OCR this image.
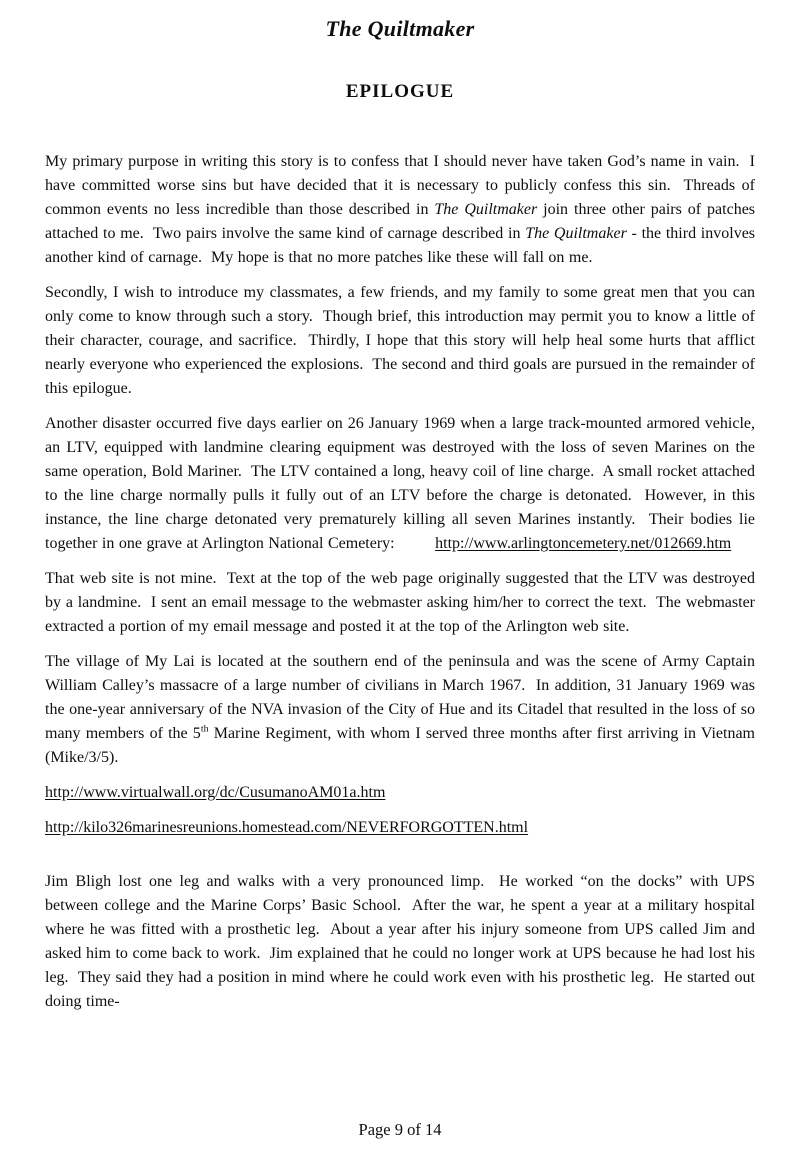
The Quiltmaker
EPILOGUE

My primary purpose in writing this story is to confess that I should never have taken God’s name in vain.  I have committed worse sins but have decided that it is necessary to publicly confess this sin.  Threads of common events no less incredible than those described in The Quiltmaker join three other pairs of patches attached to me.  Two pairs involve the same kind of carnage described in The Quiltmaker - the third involves another kind of carnage.  My hope is that no more patches like these will fall on me.

Secondly, I wish to introduce my classmates, a few friends, and my family to some great men that you can only come to know through such a story.  Though brief, this introduction may permit you to know a little of their character, courage, and sacrifice.  Thirdly, I hope that this story will help heal some hurts that afflict nearly everyone who experienced the explosions.  The second and third goals are pursued in the remainder of this epilogue.

Another disaster occurred five days earlier on 26 January 1969 when a large track-mounted armored vehicle, an LTV, equipped with landmine clearing equipment was destroyed with the loss of seven Marines on the same operation, Bold Mariner.  The LTV contained a long, heavy coil of line charge.  A small rocket attached to the line charge normally pulls it fully out of an LTV before the charge is detonated.  However, in this instance, the line charge detonated very prematurely killing all seven Marines instantly.  Their bodies lie together in one grave at Arlington National Cemetery:         http://www.arlingtoncemetery.net/012669.htm

That web site is not mine.  Text at the top of the web page originally suggested that the LTV was destroyed by a landmine.  I sent an email message to the webmaster asking him/her to correct the text.  The webmaster extracted a portion of my email message and posted it at the top of the Arlington web site.

The village of My Lai is located at the southern end of the peninsula and was the scene of Army Captain William Calley’s massacre of a large number of civilians in March 1967.  In addition, 31 January 1969 was the one-year anniversary of the NVA invasion of the City of Hue and its Citadel that resulted in the loss of so many members of the 5th Marine Regiment, with whom I served three months after first arriving in Vietnam (Mike/3/5).

http://www.virtualwall.org/dc/CusumanoAM01a.htm

http://kilo326marinesreunions.homestead.com/NEVERFORGOTTEN.html

Jim Bligh lost one leg and walks with a very pronounced limp.  He worked “on the docks” with UPS between college and the Marine Corps’ Basic School.  After the war, he spent a year at a military hospital where he was fitted with a prosthetic leg.  About a year after his injury someone from UPS called Jim and asked him to come back to work.  Jim explained that he could no longer work at UPS because he had lost his leg.  They said they had a position in mind where he could work even with his prosthetic leg.  He started out doing time-

Page 9 of 14
